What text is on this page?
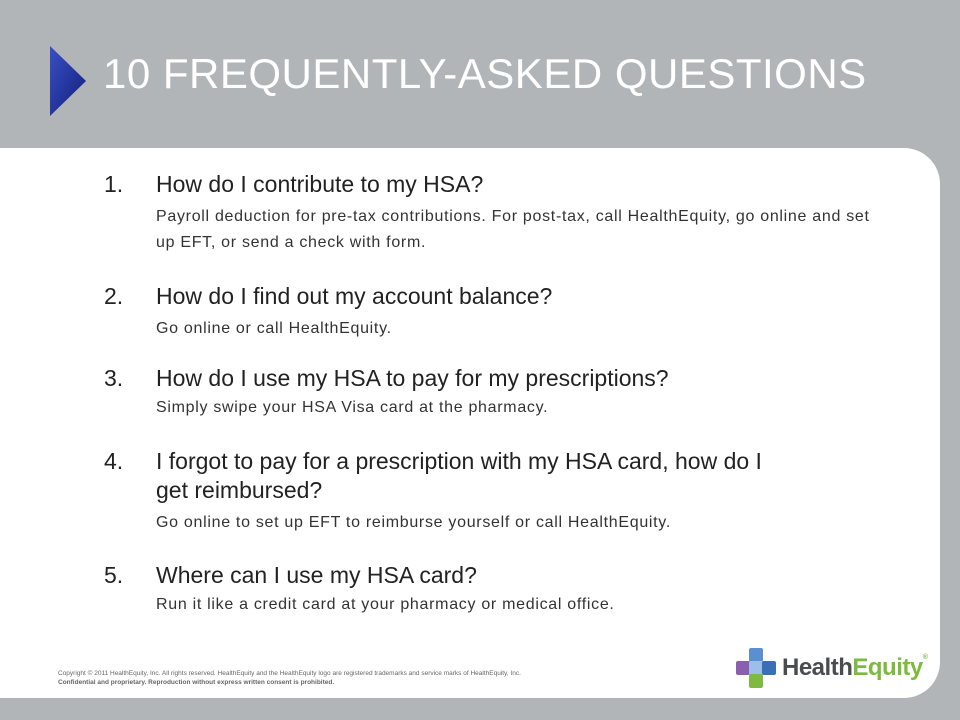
10 FREQUENTLY-ASKED QUESTIONS
1.	How do I contribute to my HSA?
Payroll deduction for pre-tax contributions. For post-tax, call HealthEquity, go online and set up EFT, or send a check with form.
2.	How do I find out my account balance?
Go online or call HealthEquity.
3.	How do I use my HSA to pay for my prescriptions?
Simply swipe your HSA Visa card at the pharmacy.
4.	I forgot to pay for a prescription with my HSA card, how do I get reimbursed?
Go online to set up EFT to reimburse yourself or call HealthEquity.
5.	Where can I use my HSA card?
Run it like a credit card at your pharmacy or medical office.
Copyright © 2011 HealthEquity, Inc. All rights reserved. HealthEquity and the HealthEquity logo are registered trademarks and service marks of HealthEquity, Inc.
Confidential and proprietary. Reproduction without express written consent is prohibited.
HealthEquity®
